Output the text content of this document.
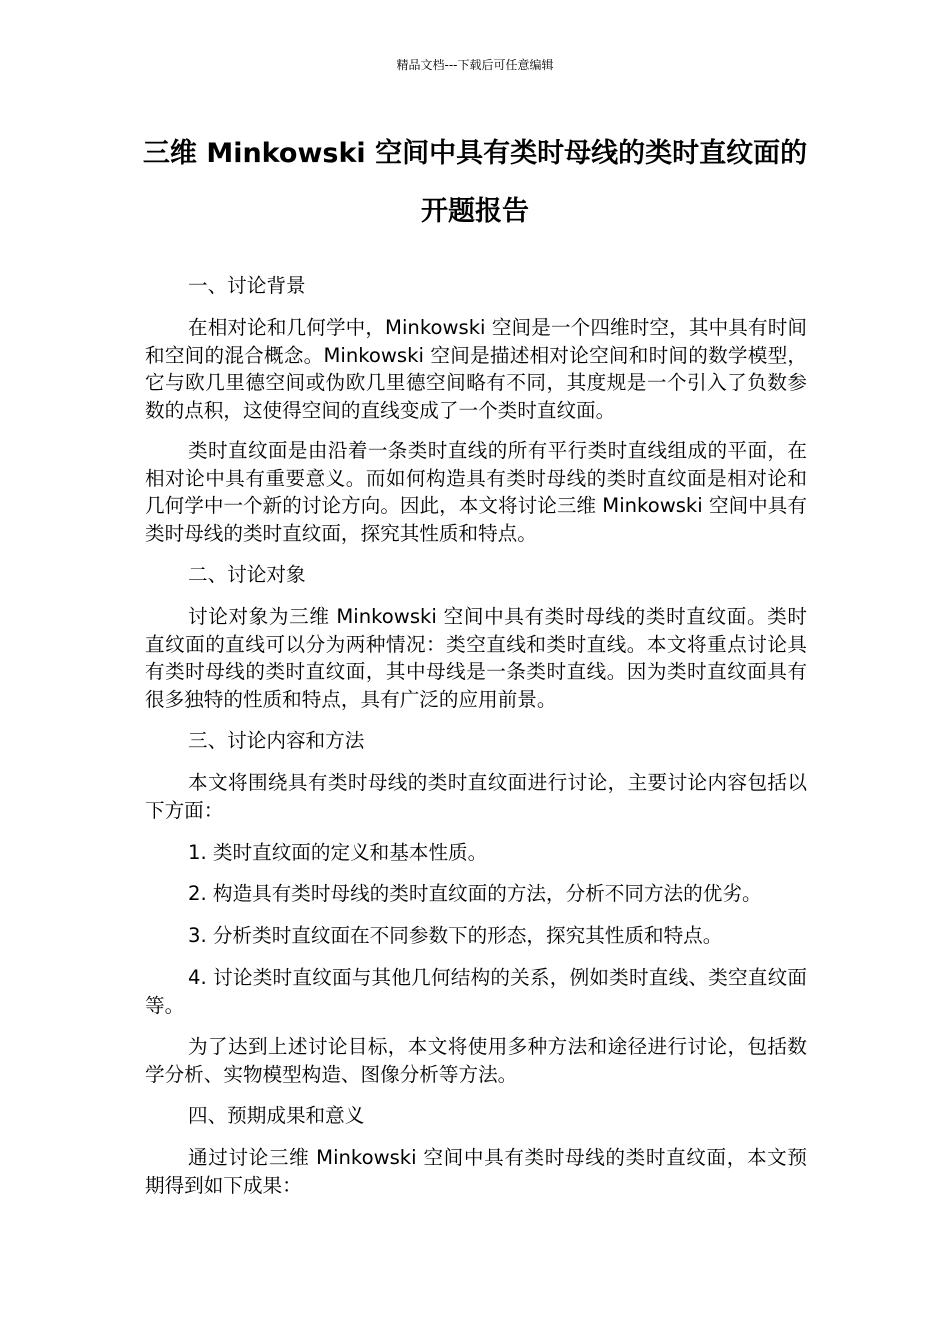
精品文档---下载后可任意编辑
三维 Minkowski 空间中具有类时母线的类时直纹面的
开题报告
一、讨论背景

在相对论和几何学中，Minkowski 空间是一个四维时空，其中具有时间和空间的混合概念。Minkowski 空间是描述相对论空间和时间的数学模型，它与欧几里德空间或伪欧几里德空间略有不同，其度规是一个引入了负数参数的点积，这使得空间的直线变成了一个类时直纹面。

类时直纹面是由沿着一条类时直线的所有平行类时直线组成的平面，在相对论中具有重要意义。而如何构造具有类时母线的类时直纹面是相对论和几何学中一个新的讨论方向。因此，本文将讨论三维 Minkowski 空间中具有类时母线的类时直纹面，探究其性质和特点。

二、讨论对象

讨论对象为三维 Minkowski 空间中具有类时母线的类时直纹面。类时直纹面的直线可以分为两种情况：类空直线和类时直线。本文将重点讨论具有类时母线的类时直纹面，其中母线是一条类时直线。因为类时直纹面具有很多独特的性质和特点，具有广泛的应用前景。

三、讨论内容和方法

本文将围绕具有类时母线的类时直纹面进行讨论，主要讨论内容包括以下方面：

1. 类时直纹面的定义和基本性质。

2. 构造具有类时母线的类时直纹面的方法，分析不同方法的优劣。

3. 分析类时直纹面在不同参数下的形态，探究其性质和特点。

4. 讨论类时直纹面与其他几何结构的关系，例如类时直线、类空直纹面等。

为了达到上述讨论目标，本文将使用多种方法和途径进行讨论，包括数学分析、实物模型构造、图像分析等方法。

四、预期成果和意义

通过讨论三维 Minkowski 空间中具有类时母线的类时直纹面，本文预期得到如下成果：
